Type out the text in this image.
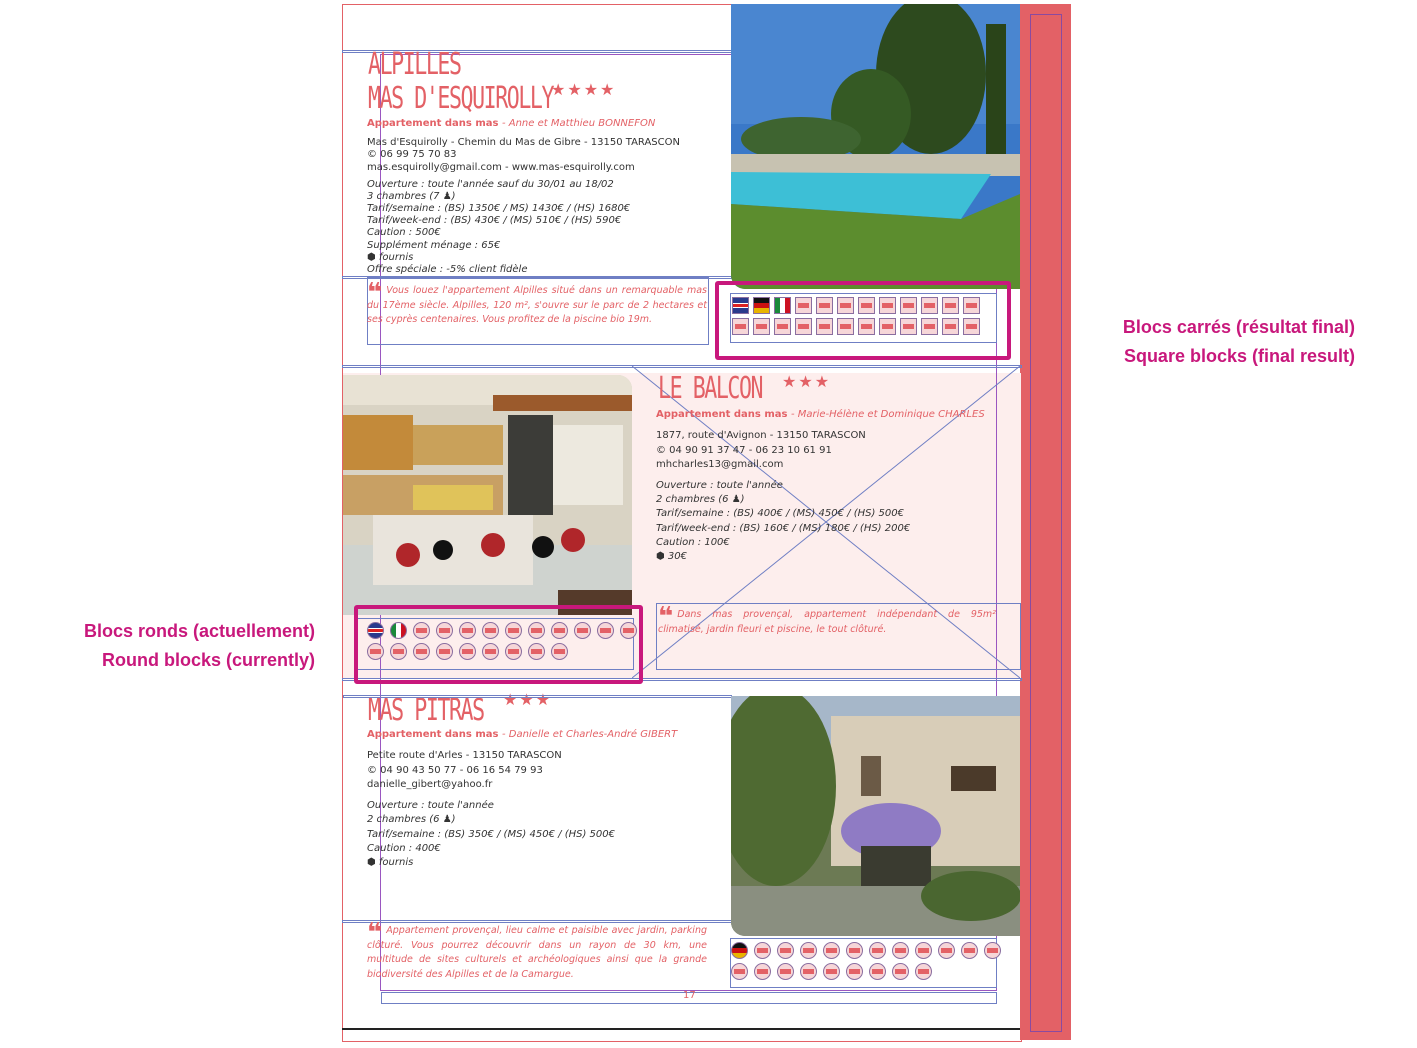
ALPILLES
MAS D'ESQUIROLLY
★★★★
Appartement dans mas - Anne et Matthieu BONNEFON
Mas d'Esquirolly - Chemin du Mas de Gibre - 13150 TARASCON
© 06 99 75 70 83
mas.esquirolly@gmail.com - www.mas-esquirolly.com
Ouverture : toute l'année sauf du 30/01 au 18/02
3 chambres (7 ♟)
Tarif/semaine : (BS) 1350€ / MS) 1430€ / (HS) 1680€
Tarif/week-end : (BS) 430€ / (MS) 510€ / (HS) 590€
Caution : 500€
Supplément ménage : 65€
⬢ fournis
Offre spéciale : -5% client fidèle
❝ Vous louez l'appartement Alpilles situé dans un remarquable mas du 17ème siècle. Alpilles, 120 m², s'ouvre sur le parc de 2 hectares et ses cyprès centenaires. Vous profitez de la piscine bio 19m.
LE BALCON ★★★
Appartement dans mas - Marie-Hélène et Dominique CHARLES
1877, route d'Avignon - 13150 TARASCON
© 04 90 91 37 47 - 06 23 10 61 91
mhcharles13@gmail.com
Ouverture : toute l'année
2 chambres (6 ♟)
Tarif/semaine : (BS) 400€ / (MS) 450€ / (HS) 500€
Tarif/week-end : (BS) 160€ / (MS) 180€ / (HS) 200€
Caution : 100€
⬢ 30€
❝ Dans mas provençal, appartement indépendant de 95m² climatisé, jardin fleuri et piscine, le tout clôturé.
MAS PITRAS ★★★
Appartement dans mas - Danielle et Charles-André GIBERT
Petite route d'Arles - 13150 TARASCON
© 04 90 43 50 77 - 06 16 54 79 93
danielle_gibert@yahoo.fr
Ouverture : toute l'année
2 chambres (6 ♟)
Tarif/semaine : (BS) 350€ / (MS) 450€ / (HS) 500€
Caution : 400€
⬢ fournis
❝ Appartement provençal, lieu calme et paisible avec jardin, parking clôturé. Vous pourrez découvrir dans un rayon de 30 km, une multitude de sites culturels et archéologiques ainsi que la grande biodiversité des Alpilles et de la Camargue.
17
Blocs carrés (résultat final)
Square blocks (final result)
Blocs ronds (actuellement)
Round blocks (currently)
